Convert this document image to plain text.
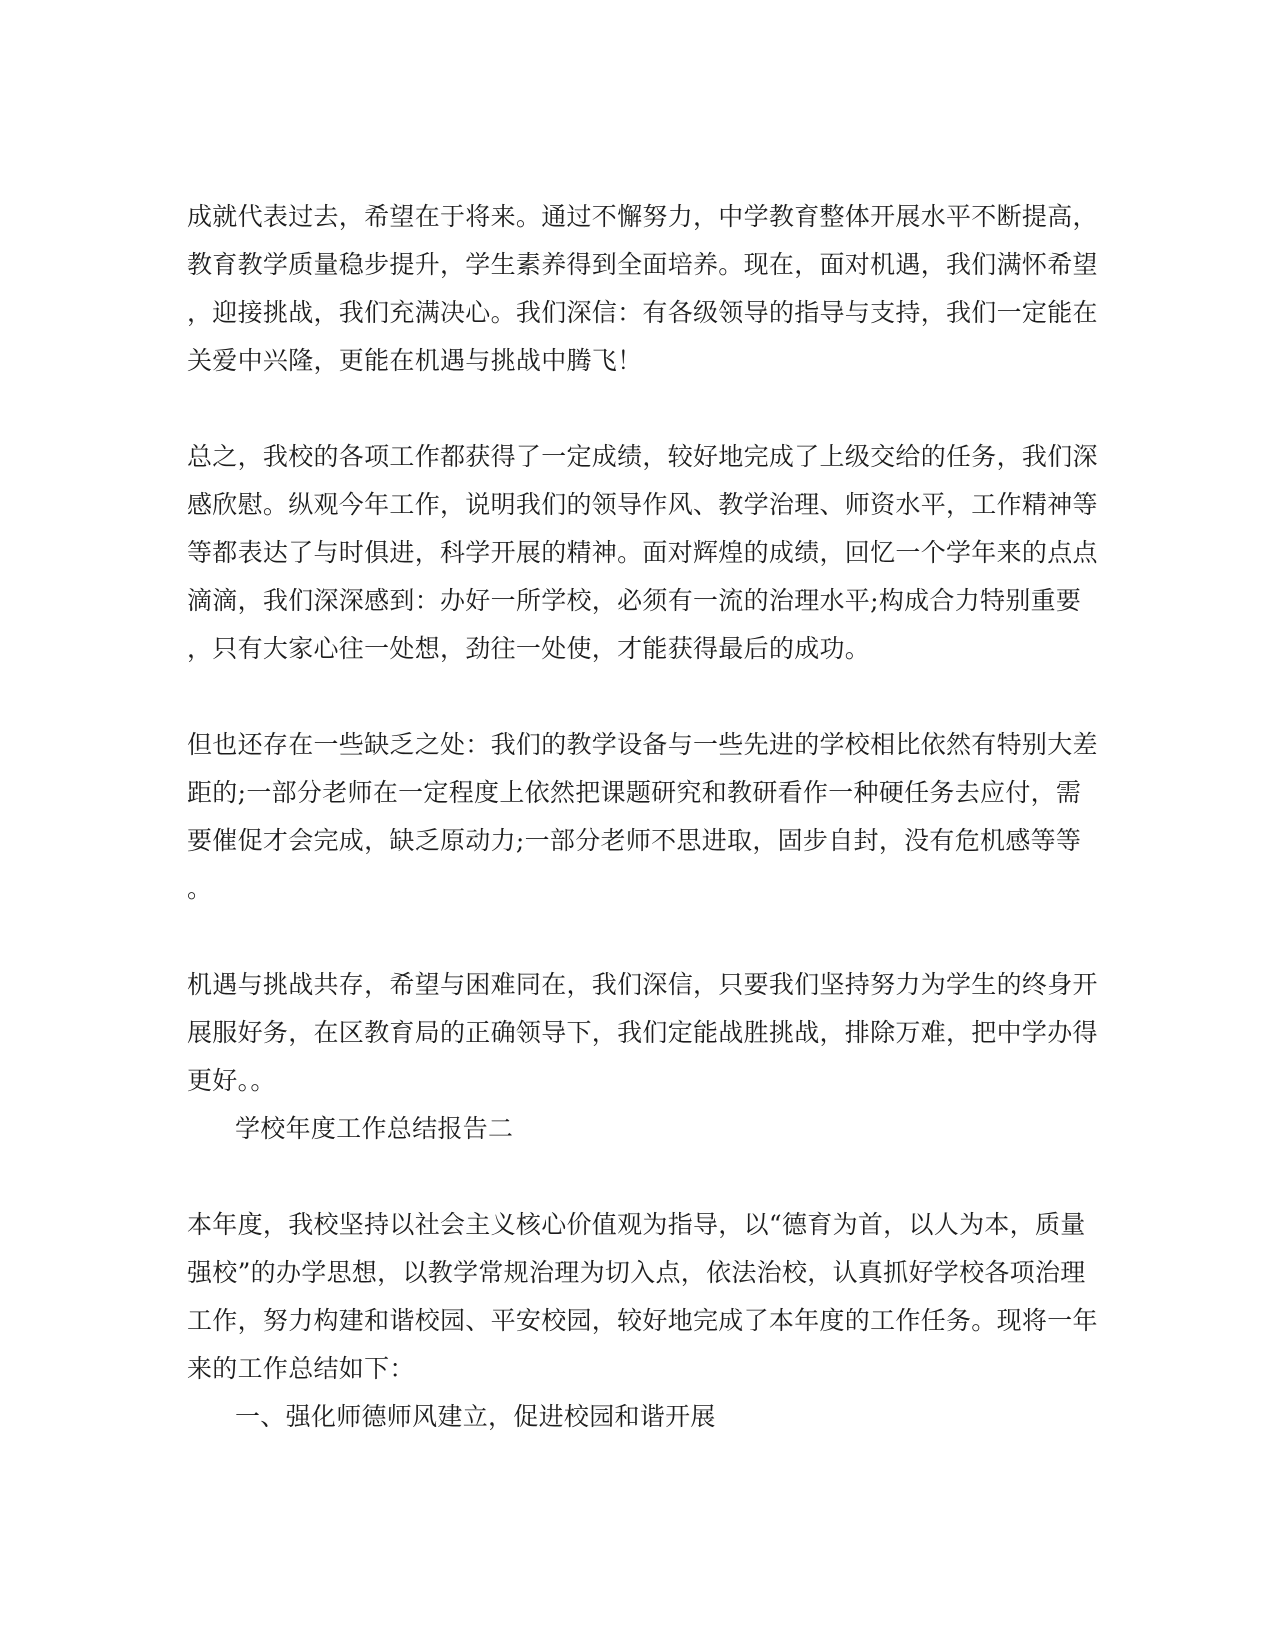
成就代表过去，希望在于将来。通过不懈努力，中学教育整体开展水平不断提高，
教育教学质量稳步提升，学生素养得到全面培养。现在，面对机遇，我们满怀希望
，迎接挑战，我们充满决心。我们深信：有各级领导的指导与支持，我们一定能在
关爱中兴隆，更能在机遇与挑战中腾飞！
总之，我校的各项工作都获得了一定成绩，较好地完成了上级交给的任务，我们深
感欣慰。纵观今年工作，说明我们的领导作风、教学治理、师资水平，工作精神等
等都表达了与时俱进，科学开展的精神。面对辉煌的成绩，回忆一个学年来的点点
滴滴，我们深深感到：办好一所学校，必须有一流的治理水平;构成合力特别重要
，只有大家心往一处想，劲往一处使，才能获得最后的成功。
但也还存在一些缺乏之处：我们的教学设备与一些先进的学校相比依然有特别大差
距的;一部分老师在一定程度上依然把课题研究和教研看作一种硬任务去应付，需
要催促才会完成，缺乏原动力;一部分老师不思进取，固步自封，没有危机感等等
。
机遇与挑战共存，希望与困难同在，我们深信，只要我们坚持努力为学生的终身开
展服好务，在区教育局的正确领导下，我们定能战胜挑战，排除万难，把中学办得
更好。。
学校年度工作总结报告二
本年度，我校坚持以社会主义核心价值观为指导，以“德育为首，以人为本，质量
强校”的办学思想，以教学常规治理为切入点，依法治校，认真抓好学校各项治理
工作，努力构建和谐校园、平安校园，较好地完成了本年度的工作任务。现将一年
来的工作总结如下：
一、强化师德师风建立，促进校园和谐开展
